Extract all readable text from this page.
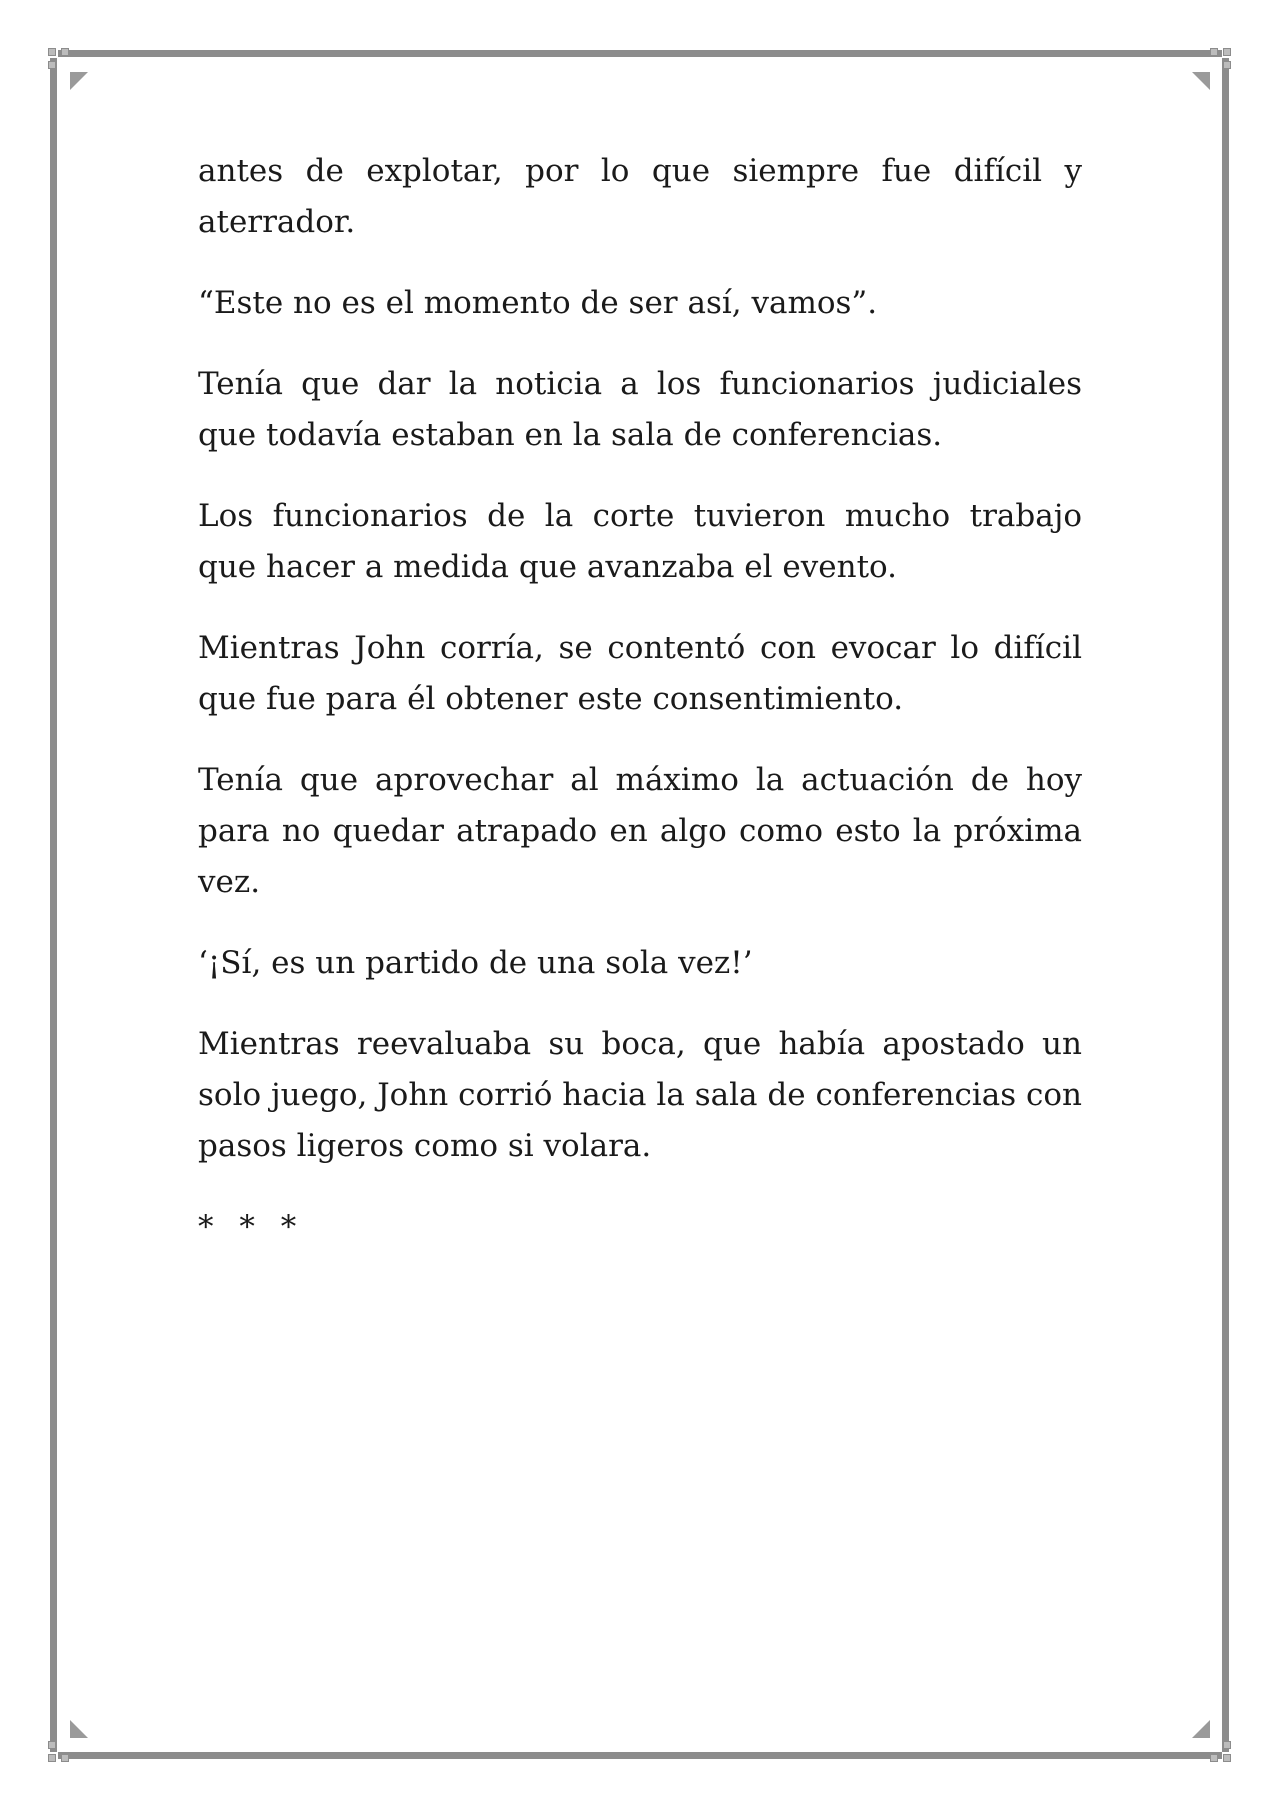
antes de explotar, por lo que siempre fue difícil y aterrador.

“Este no es el momento de ser así, vamos”.

Tenía que dar la noticia a los funcionarios judiciales que todavía estaban en la sala de conferencias.

Los funcionarios de la corte tuvieron mucho trabajo que hacer a medida que avanzaba el evento.

Mientras John corría, se contentó con evocar lo difícil que fue para él obtener este consentimiento.

Tenía que aprovechar al máximo la actuación de hoy para no quedar atrapado en algo como esto la próxima vez.

‘¡Sí, es un partido de una sola vez!’

Mientras reevaluaba su boca, que había apostado un solo juego, John corrió hacia la sala de conferencias con pasos ligeros como si volara.

* * *
